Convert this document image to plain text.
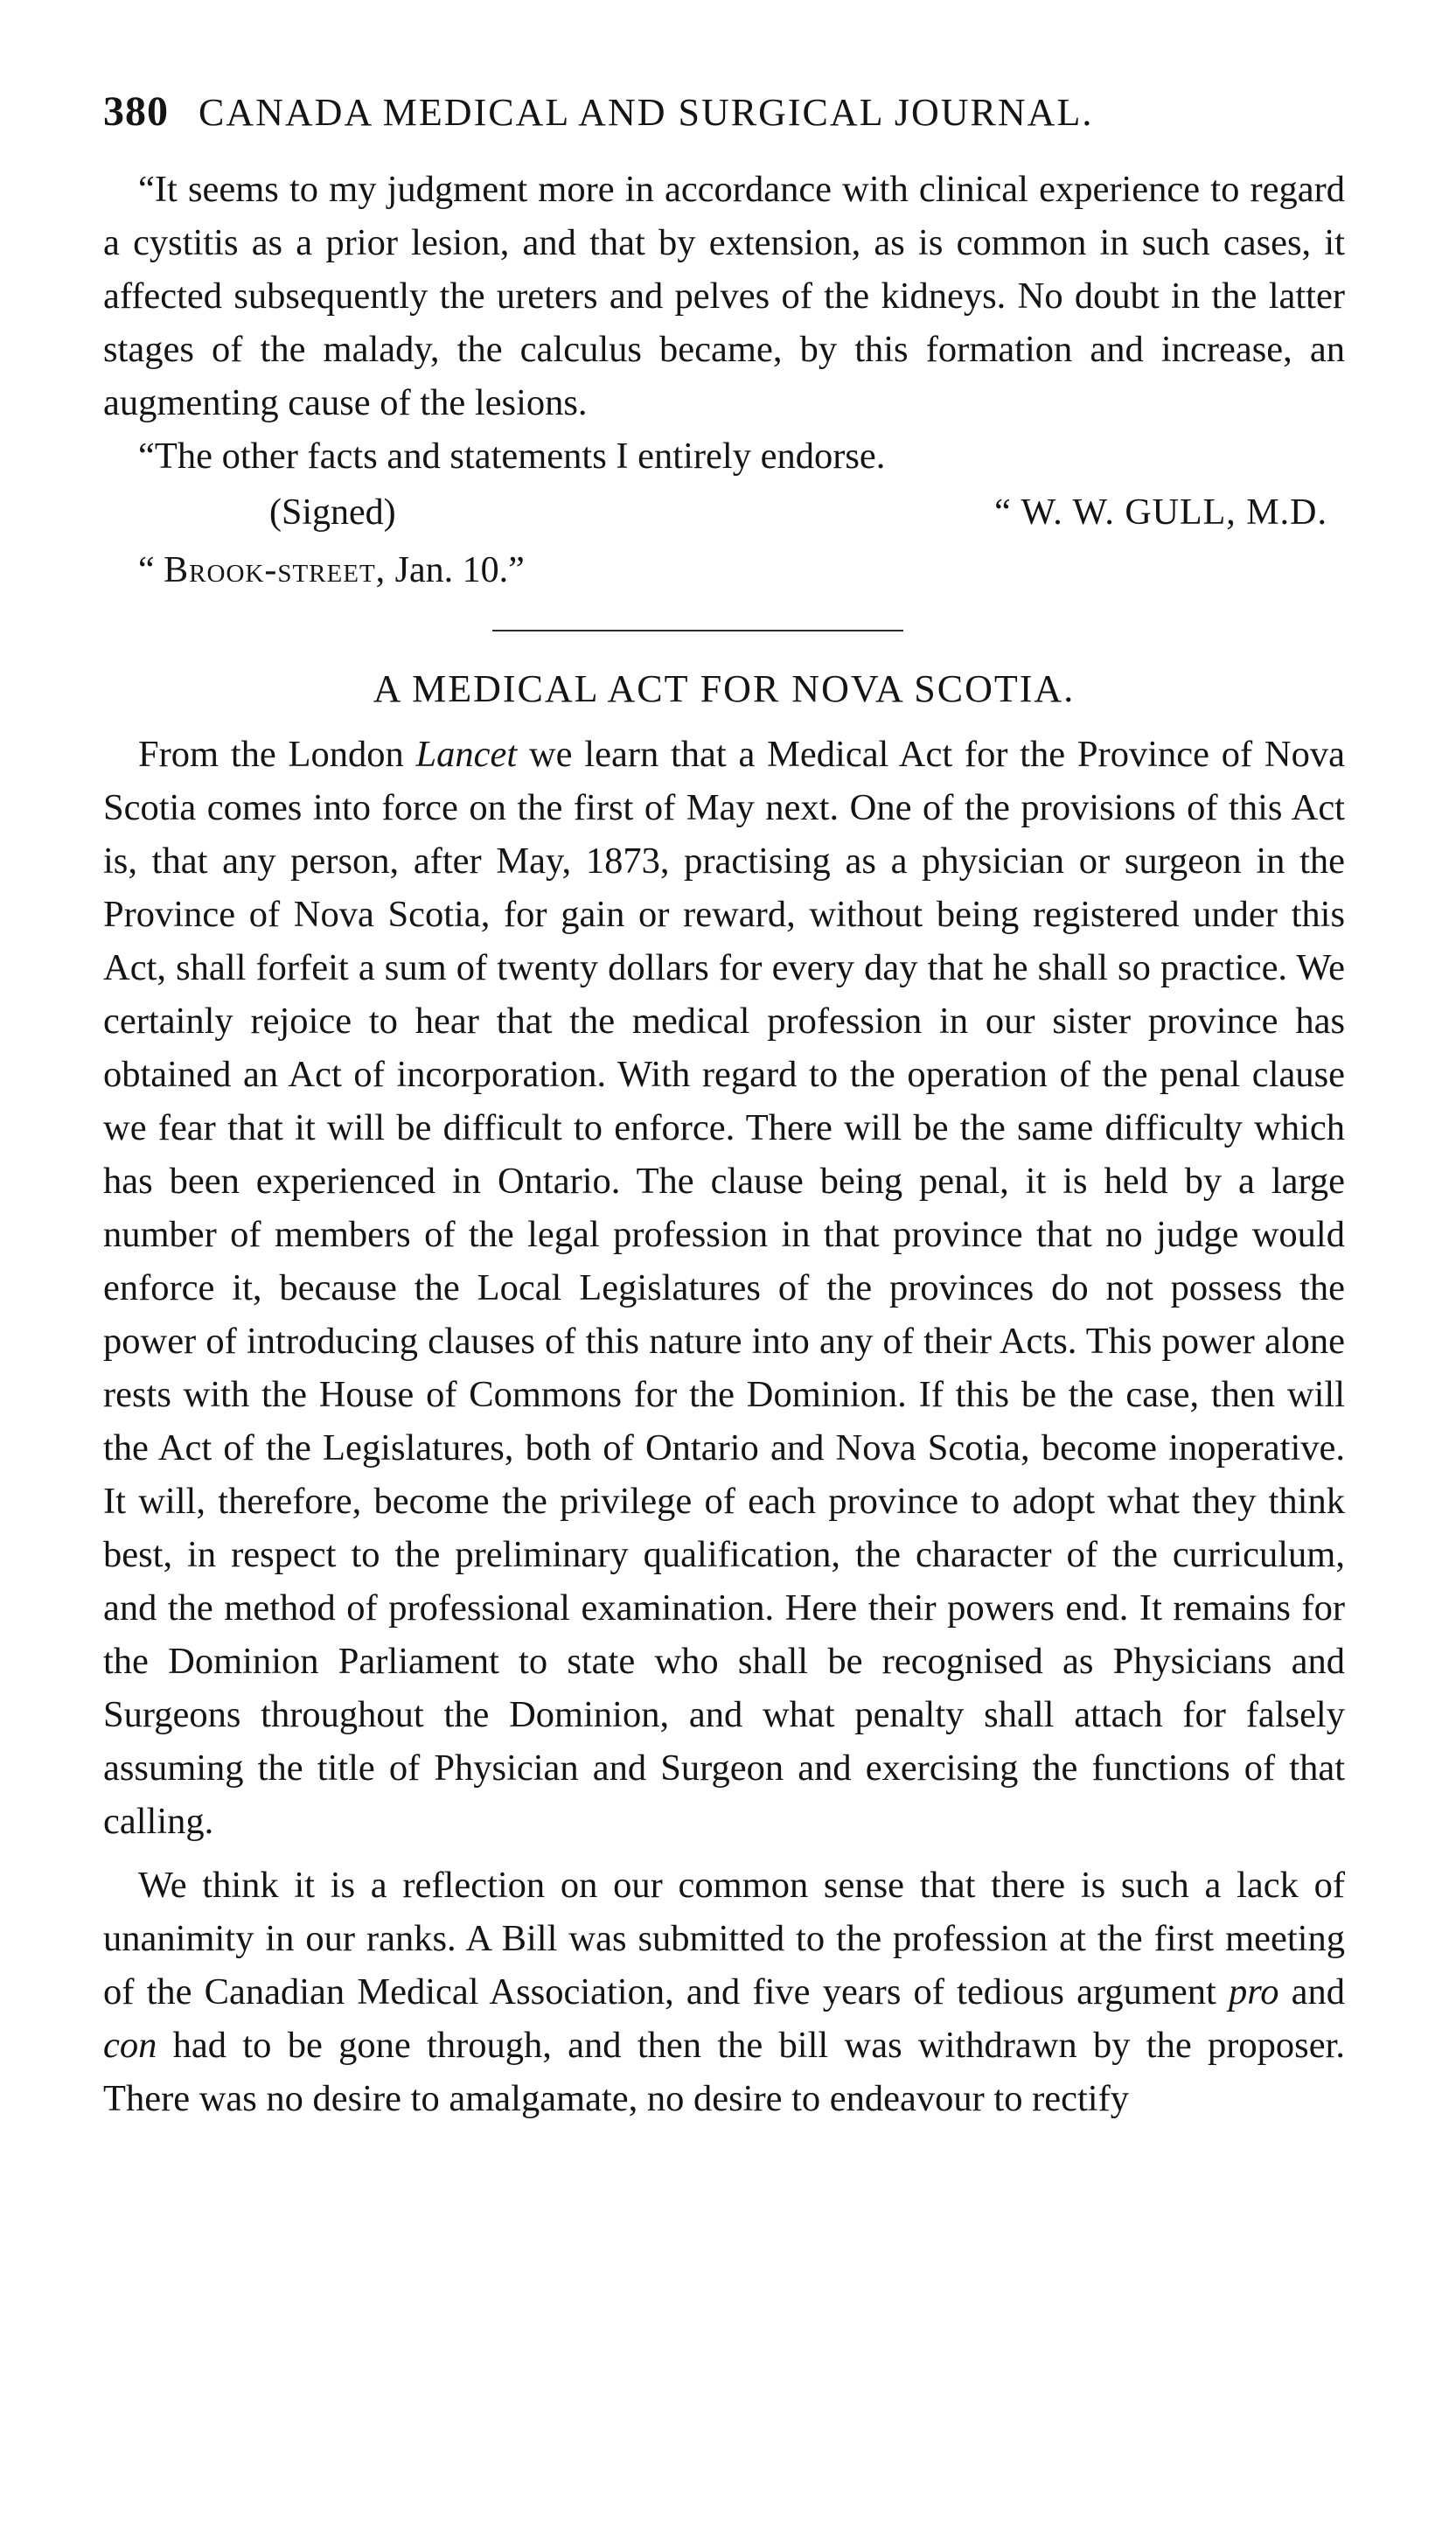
380 CANADA MEDICAL AND SURGICAL JOURNAL.

“It seems to my judgment more in accordance with clinical experience to regard a cystitis as a prior lesion, and that by extension, as is common in such cases, it affected subsequently the ureters and pelves of the kidneys. No doubt in the latter stages of the malady, the calculus became, by this formation and increase, an augmenting cause of the lesions.

“The other facts and statements I entirely endorse.

(Signed)	“ W. W. GULL, M.D.
“ Brook-street, Jan. 10.”
A MEDICAL ACT FOR NOVA SCOTIA.

From the London Lancet we learn that a Medical Act for the Province of Nova Scotia comes into force on the first of May next. One of the provisions of this Act is, that any person, after May, 1873, practising as a physician or surgeon in the Province of Nova Scotia, for gain or reward, without being registered under this Act, shall forfeit a sum of twenty dollars for every day that he shall so practice. We certainly rejoice to hear that the medical profession in our sister province has obtained an Act of incorporation. With regard to the operation of the penal clause we fear that it will be difficult to enforce. There will be the same difficulty which has been experienced in Ontario. The clause being penal, it is held by a large number of members of the legal profession in that province that no judge would enforce it, because the Local Legislatures of the provinces do not possess the power of introducing clauses of this nature into any of their Acts. This power alone rests with the House of Commons for the Dominion. If this be the case, then will the Act of the Legislatures, both of Ontario and Nova Scotia, become inoperative. It will, therefore, become the privilege of each province to adopt what they think best, in respect to the preliminary qualification, the character of the curriculum, and the method of professional examination. Here their powers end. It remains for the Dominion Parliament to state who shall be recognised as Physicians and Surgeons throughout the Dominion, and what penalty shall attach for falsely assuming the title of Physician and Surgeon and exercising the functions of that calling.

We think it is a reflection on our common sense that there is such a lack of unanimity in our ranks. A Bill was submitted to the profession at the first meeting of the Canadian Medical Association, and five years of tedious argument pro and con had to be gone through, and then the bill was withdrawn by the proposer. There was no desire to amalgamate, no desire to endeavour to rectify
